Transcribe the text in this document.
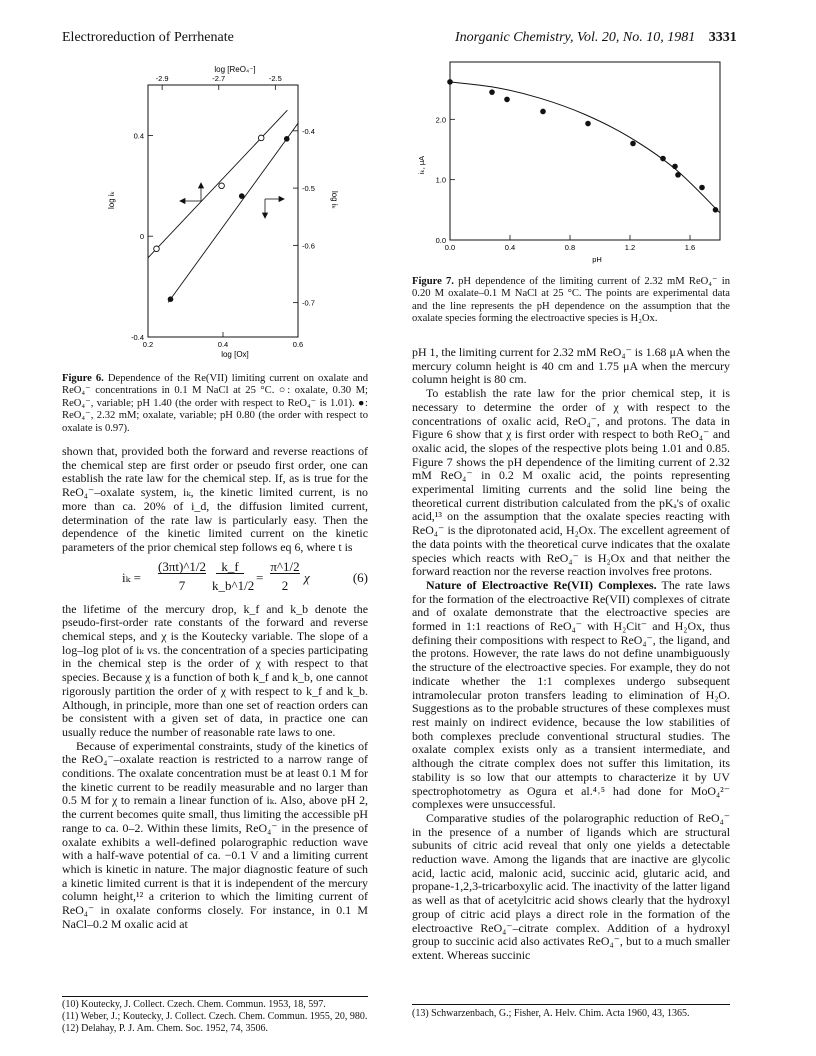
Electroreduction of Perrhenate	Inorganic Chemistry, Vol. 20, No. 10, 1981 3331
log [ReO₄⁻]
log [Ox]
log iₖ	log iₖ
0.2	0.4	0.6
-2.9	-2.7	-2.5
0.4
0
-0.4
-0.4
-0.5
-0.6
-0.7
Figure 6. Dependence of the Re(VII) limiting current on oxalate and ReO₄⁻ concentrations in 0.1 M NaCl at 25 °C. ○: oxalate, 0.30 M; ReO₄⁻, variable; pH 1.40 (the order with respect to ReO₄⁻ is 1.01). ●: ReO₄⁻, 2.32 mM; oxalate, variable; pH 0.80 (the order with respect to oxalate is 0.97).
iₖ, μA
pH
0.0	0.4	0.8	1.2	1.6
0.0
1.0
2.0
Figure 7. pH dependence of the limiting current of 2.32 mM ReO₄⁻ in 0.20 M oxalate–0.1 M NaCl at 25 °C. The points are experimental data and the line represents the pH dependence on the assumption that the oxalate species forming the electroactive species is H₂Ox.

shown that, provided both the forward and reverse reactions of the chemical step are first order or pseudo first order, one can establish the rate law for the chemical step. If, as is true for the ReO₄⁻–oxalate system, iₖ, the kinetic limited current, is no more than ca. 20% of i_d, the diffusion limited current, determination of the rate law is particularly easy. Then the dependence of the kinetic limited current on the kinetic parameters of the prior chemical step follows eq 6, where t is

iₖ =
(3πt)^1/2
7
k_f
k_b^1/2
=
π^1/2
2
χ	(6)

the lifetime of the mercury drop, k_f and k_b denote the pseudo-first-order rate constants of the forward and reverse chemical steps, and χ is the Koutecky variable. The slope of a log–log plot of iₖ vs. the concentration of a species participating in the chemical step is the order of χ with respect to that species. Because χ is a function of both k_f and k_b, one cannot rigorously partition the order of χ with respect to k_f and k_b. Although, in principle, more than one set of reaction orders can be consistent with a given set of data, in practice one can usually reduce the number of reasonable rate laws to one.

Because of experimental constraints, study of the kinetics of the ReO₄⁻–oxalate reaction is restricted to a narrow range of conditions. The oxalate concentration must be at least 0.1 M for the kinetic current to be readily measurable and no larger than 0.5 M for χ to remain a linear function of iₖ. Also, above pH 2, the current becomes quite small, thus limiting the accessible pH range to ca. 0–2. Within these limits, ReO₄⁻ in the presence of oxalate exhibits a well-defined polarographic reduction wave with a half-wave potential of ca. −0.1 V and a limiting current which is kinetic in nature. The major diagnostic feature of such a kinetic limited current is that it is independent of the mercury column height,¹² a criterion to which the limiting current of ReO₄⁻ in oxalate conforms closely. For instance, in 0.1 M NaCl–0.2 M oxalic acid at

pH 1, the limiting current for 2.32 mM ReO₄⁻ is 1.68 μA when the mercury column height is 40 cm and 1.75 μA when the mercury column height is 80 cm.

To establish the rate law for the prior chemical step, it is necessary to determine the order of χ with respect to the concentrations of oxalic acid, ReO₄⁻, and protons. The data in Figure 6 show that χ is first order with respect to both ReO₄⁻ and oxalic acid, the slopes of the respective plots being 1.01 and 0.85. Figure 7 shows the pH dependence of the limiting current of 2.32 mM ReO₄⁻ in 0.2 M oxalic acid, the points representing experimental limiting currents and the solid line being the theoretical current distribution calculated from the pKₐ's of oxalic acid,¹³ on the assumption that the oxalate species reacting with ReO₄⁻ is the diprotonated acid, H₂Ox. The excellent agreement of the data points with the theoretical curve indicates that the oxalate species which reacts with ReO₄⁻ is H₂Ox and that neither the forward reaction nor the reverse reaction involves free protons.

Nature of Electroactive Re(VII) Complexes. The rate laws for the formation of the electroactive Re(VII) complexes of citrate and of oxalate demonstrate that the electroactive species are formed in 1:1 reactions of ReO₄⁻ with H₂Cit⁻ and H₂Ox, thus defining their compositions with respect to ReO₄⁻, the ligand, and the protons. However, the rate laws do not define unambiguously the structure of the electroactive species. For example, they do not indicate whether the 1:1 complexes undergo subsequent intramolecular proton transfers leading to elimination of H₂O. Suggestions as to the probable structures of these complexes must rest mainly on indirect evidence, because the low stabilities of both complexes preclude conventional structural studies. The oxalate complex exists only as a transient intermediate, and although the citrate complex does not suffer this limitation, its stability is so low that our attempts to characterize it by UV spectrophotometry as Ogura et al.⁴˒⁵ had done for MoO₄²⁻ complexes were unsuccessful.

Comparative studies of the polarographic reduction of ReO₄⁻ in the presence of a number of ligands which are structural subunits of citric acid reveal that only one yields a detectable reduction wave. Among the ligands that are inactive are glycolic acid, lactic acid, malonic acid, succinic acid, glutaric acid, and propane-1,2,3-tricarboxylic acid. The inactivity of the latter ligand as well as that of acetylcitric acid shows clearly that the hydroxyl group of citric acid plays a direct role in the formation of the electroactive ReO₄⁻–citrate complex. Addition of a hydroxyl group to succinic acid also activates ReO₄⁻, but to a much smaller extent. Whereas succinic

(10) Koutecky, J. Collect. Czech. Chem. Commun. 1953, 18, 597.
(11) Weber, J.; Koutecky, J. Collect. Czech. Chem. Commun. 1955, 20, 980.
(12) Delahay, P. J. Am. Chem. Soc. 1952, 74, 3506.
(13) Schwarzenbach, G.; Fisher, A. Helv. Chim. Acta 1960, 43, 1365.
